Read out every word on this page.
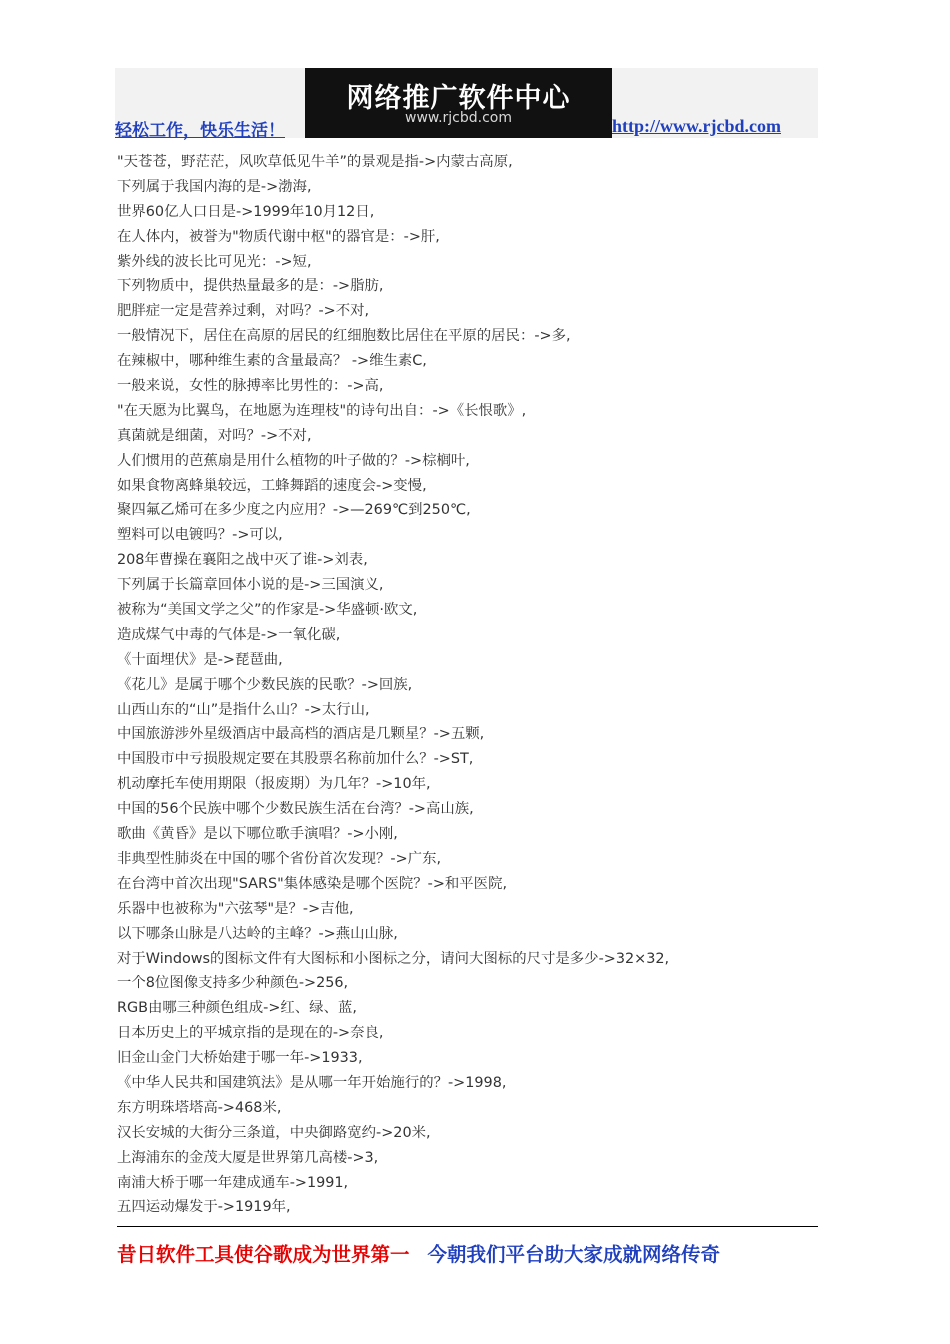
轻松工作，快乐生活！
网络推广软件中心
www.rjcbd.com	http://www.rjcbd.com
"天苍苍，野茫茫，风吹草低见牛羊”的景观是指->内蒙古高原,
下列属于我国内海的是->渤海,
世界60亿人口日是->1999年10月12日,
在人体内，被誉为"物质代谢中枢"的器官是：->肝,
紫外线的波长比可见光：->短,
下列物质中，提供热量最多的是：->脂肪,
肥胖症一定是营养过剩，对吗？->不对,
一般情况下，居住在高原的居民的红细胞数比居住在平原的居民：->多,
在辣椒中，哪种维生素的含量最高？ ->维生素C,
一般来说，女性的脉搏率比男性的：->高,
"在天愿为比翼鸟，在地愿为连理枝"的诗句出自：->《长恨歌》,
真菌就是细菌，对吗？->不对,
人们惯用的芭蕉扇是用什么植物的叶子做的？->棕榈叶,
如果食物离蜂巢较远，工蜂舞蹈的速度会->变慢,
聚四氟乙烯可在多少度之内应用？->—269℃到250℃,
塑料可以电镀吗？->可以,
208年曹操在襄阳之战中灭了谁->刘表,
下列属于长篇章回体小说的是->三国演义,
被称为“美国文学之父”的作家是->华盛顿·欧文,
造成煤气中毒的气体是->一氧化碳,
《十面埋伏》是->琵琶曲,
《花儿》是属于哪个少数民族的民歌？->回族,
山西山东的“山”是指什么山？->太行山,
中国旅游涉外星级酒店中最高档的酒店是几颗星？->五颗,
中国股市中亏损股规定要在其股票名称前加什么？->ST,
机动摩托车使用期限（报废期）为几年？->10年,
中国的56个民族中哪个少数民族生活在台湾？->高山族,
歌曲《黄昏》是以下哪位歌手演唱？->小刚,
非典型性肺炎在中国的哪个省份首次发现？->广东,
在台湾中首次出现"SARS"集体感染是哪个医院？->和平医院,
乐器中也被称为"六弦琴"是？->吉他,
以下哪条山脉是八达岭的主峰？->燕山山脉,
对于Windows的图标文件有大图标和小图标之分，请问大图标的尺寸是多少->32×32,
一个8位图像支持多少种颜色->256,
RGB由哪三种颜色组成->红、绿、蓝,
日本历史上的平城京指的是现在的->奈良,
旧金山金门大桥始建于哪一年->1933,
《中华人民共和国建筑法》是从哪一年开始施行的？->1998,
东方明珠塔塔高->468米,
汉长安城的大街分三条道，中央御路宽约->20米,
上海浦东的金茂大厦是世界第几高楼->3,
南浦大桥于哪一年建成通车->1991,
五四运动爆发于->1919年,
昔日软件工具使谷歌成为世界第一 今朝我们平台助大家成就网络传奇
